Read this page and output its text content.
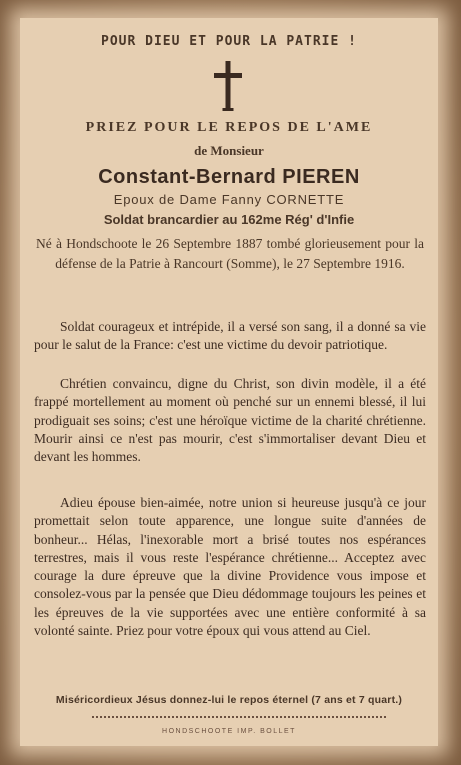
POUR DIEU ET POUR LA PATRIE !
PRIEZ POUR LE REPOS DE L'AME
de Monsieur
Constant-Bernard PIEREN
Epoux de Dame Fanny CORNETTE
Soldat brancardier au 162me Rég' d'Infie
Né à Hondschoote le 26 Septembre 1887 tombé glorieusement pour la défense de la Patrie à Rancourt (Somme), le 27 Septembre 1916.
Soldat courageux et intrépide, il a versé son sang, il a donné sa vie pour le salut de la France: c'est une victime du devoir patriotique.
Chrétien convaincu, digne du Christ, son divin modèle, il a été frappé mortellement au moment où penché sur un ennemi blessé, il lui prodiguait ses soins; c'est une héroïque victime de la charité chrétienne. Mourir ainsi ce n'est pas mourir, c'est s'immortaliser devant Dieu et devant les hommes.
Adieu épouse bien-aimée, notre union si heureuse jusqu'à ce jour promettait selon toute apparence, une longue suite d'années de bonheur... Hélas, l'inexorable mort a brisé toutes nos espérances terrestres, mais il vous reste l'espérance chrétienne... Acceptez avec courage la dure épreuve que la divine Providence vous impose et consolez-vous par la pensée que Dieu dédommage toujours les peines et les épreuves de la vie supportées avec une entière conformité à sa volonté sainte. Priez pour votre époux qui vous attend au Ciel.
Miséricordieux Jésus donnez-lui le repos éternel (7 ans et 7 quart.)
HONDSCHOOTE IMP. BOLLET
